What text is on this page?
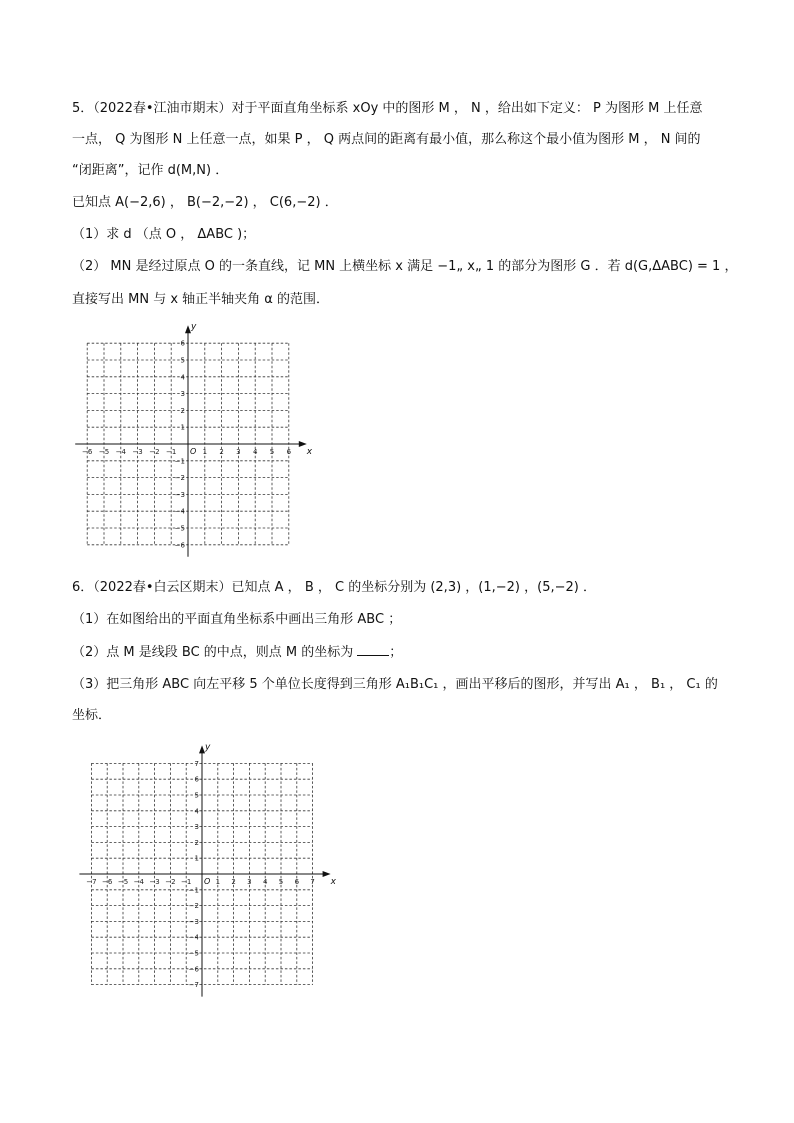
5．（2022春•江油市期末）对于平面直角坐标系 xOy 中的图形 M ， N ，给出如下定义： P 为图形 M 上任意
一点， Q 为图形 N 上任意一点，如果 P ， Q 两点间的距离有最小值，那么称这个最小值为图形 M ， N 间的
“闭距离”，记作 d(M,N) ．
已知点 A(−2,6) ， B(−2,−2) ， C(6,−2) ．
（1）求 d （点 O ， ΔABC )；
（2） MN 是经过原点 O 的一条直线，记 MN 上横坐标 x 满足 −1„ x„ 1 的部分为图形 G ．若 d(G,ΔABC) = 1 ，
直接写出 MN 与 x 轴正半轴夹角 α 的范围．
x
y
O
−6 −5 −4 −3 −2 −1	1 2 3 4 5 6
6
5
4
3
2
1
−1
−2
−3
−4
−5
−6
6．（2022春•白云区期末）已知点 A ， B ， C 的坐标分别为 (2,3) ，(1,−2) ，(5,−2) ．
（1）在如图给出的平面直角坐标系中画出三角形 ABC ；
（2）点 M 是线段 BC 的中点，则点 M 的坐标为	；
（3）把三角形 ABC 向左平移 5 个单位长度得到三角形 A₁B₁C₁ ，画出平移后的图形，并写出 A₁ ， B₁ ， C₁ 的
坐标．
x
y
O
−7 −6 −5 −4 −3 −2 −1	1 2 3 4 5 6 7
7
6
5
4
3
2
1
−1
−2
−3
−4
−5
−6
−7
